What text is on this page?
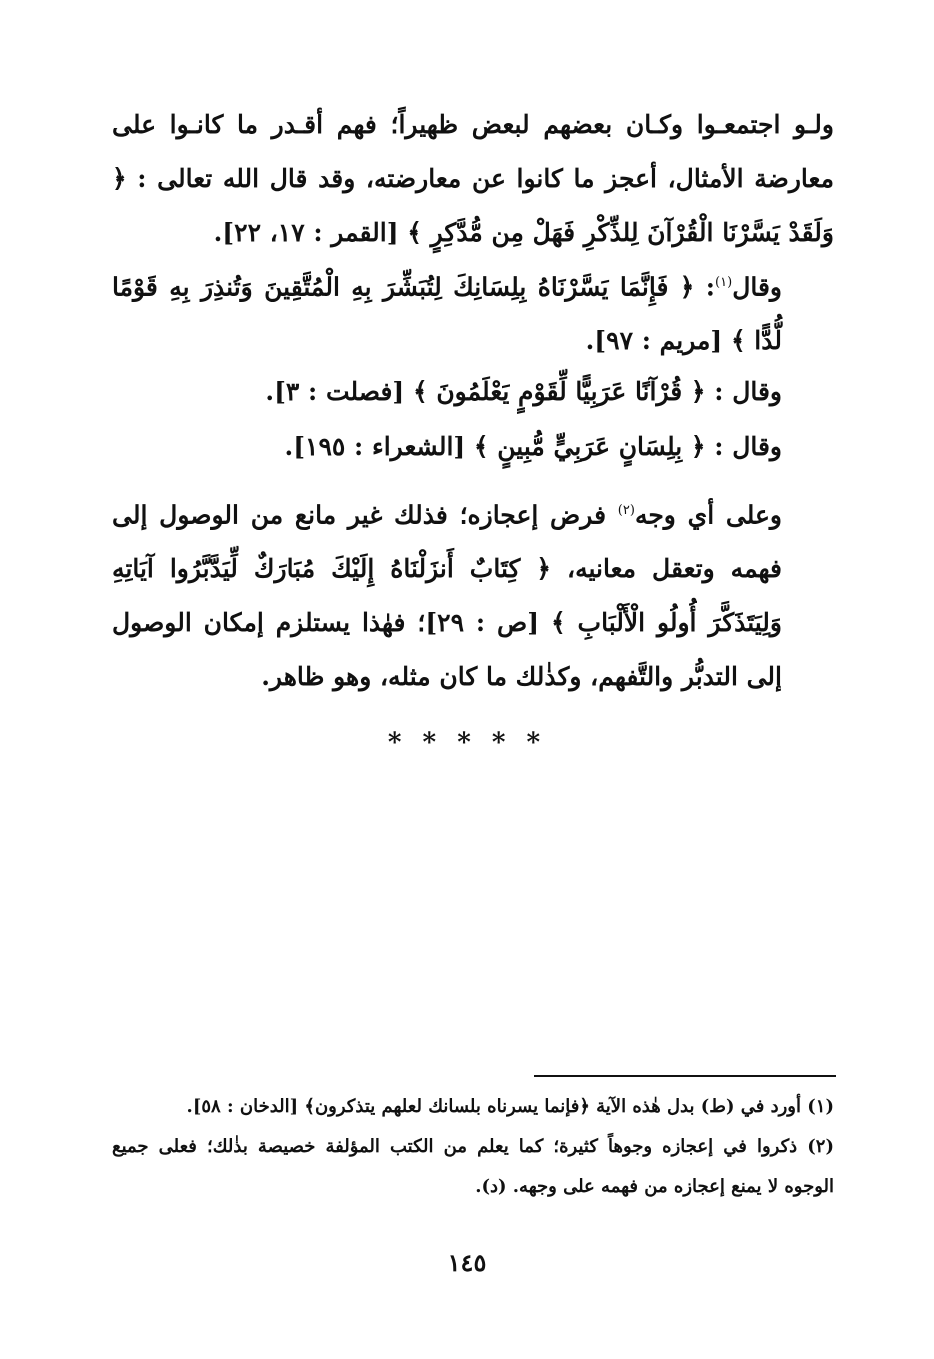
ولـو اجتمعـوا وكـان بعضهم لبعض ظهيراً؛ فهم أقـدر ما كانـوا على معارضة الأمثال، أعجز ما كانوا عن معارضته، وقد قال الله تعالى : ﴿ وَلَقَدْ يَسَّرْنَا الْقُرْآنَ لِلذِّكْرِ فَهَلْ مِن مُّدَّكِرٍ ﴾ [القمر : ١٧، ٢٢].
وقال$^{(١)}$: ﴿ فَإِنَّمَا يَسَّرْنَاهُ بِلِسَانِكَ لِتُبَشِّرَ بِهِ الْمُتَّقِينَ وَتُنذِرَ بِهِ قَوْمًا لُّدًّا ﴾ [مريم : ٩٧].
وقال : ﴿ قُرْآنًا عَرَبِيًّا لِّقَوْمٍ يَعْلَمُونَ ﴾ [فصلت : ٣].
وقال : ﴿ بِلِسَانٍ عَرَبِيٍّ مُّبِينٍ ﴾ [الشعراء : ١٩٥].
وعلى أي وجه$^{(٢)}$ فرض إعجازه؛ فذلك غير مانع من الوصول إلى فهمه وتعقل معانيه، ﴿ كِتَابٌ أَنزَلْنَاهُ إِلَيْكَ مُبَارَكٌ لِّيَدَّبَّرُوا آيَاتِهِ وَلِيَتَذَكَّرَ أُولُو الْأَلْبَابِ ﴾ [ص : ٢٩]؛ فهٰذا يستلزم إمكان الوصول إلى التدبُّر والتَّفهم، وكذٰلك ما كان مثله، وهو ظاهر.
* * * * *

(١) أورد في (ط) بدل هٰذه الآية ﴿فإنما يسرناه بلسانك لعلهم يتذكرون﴾ [الدخان : ٥٨].

(٢) ذكروا في إعجازه وجوهاً كثيرة؛ كما يعلم من الكتب المؤلفة خصيصة بذٰلك؛ فعلى جميع الوجوه لا يمنع إعجازه من فهمه على وجهه. (د).

١٤٥
